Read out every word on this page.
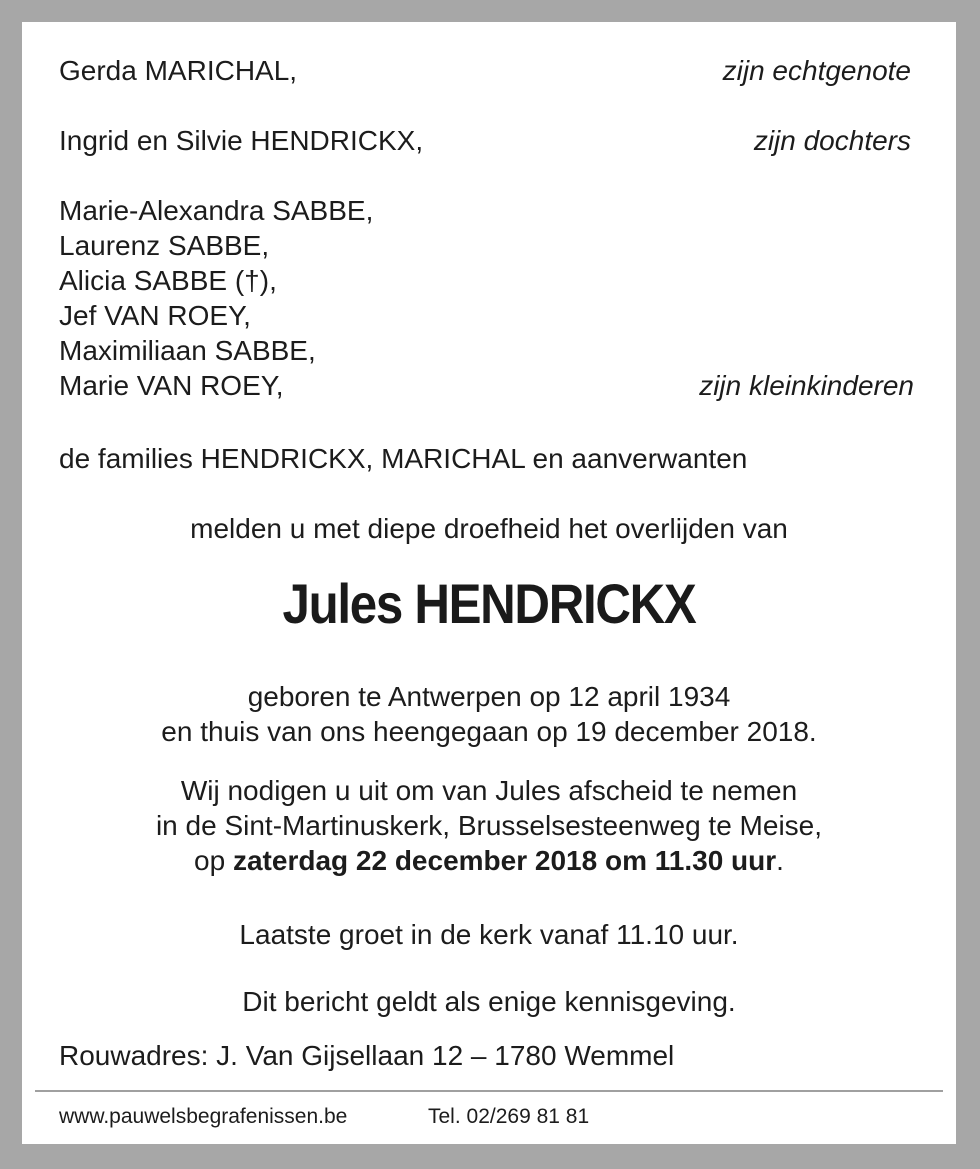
Gerda MARICHAL,	zijn echtgenote
Ingrid en Silvie HENDRICKX,	zijn dochters
Marie-Alexandra SABBE,
Laurenz SABBE,
Alicia SABBE (†),
Jef VAN ROEY,
Maximiliaan SABBE,
Marie VAN ROEY,	zijn kleinkinderen
de families HENDRICKX, MARICHAL en aanverwanten
melden u met diepe droefheid het overlijden van
Jules HENDRICKX
geboren te Antwerpen op 12 april 1934
en thuis van ons heengegaan op 19 december 2018.
Wij nodigen u uit om van Jules afscheid te nemen
in de Sint-Martinuskerk, Brusselsesteenweg te Meise,
op zaterdag 22 december 2018 om 11.30 uur.
Laatste groet in de kerk vanaf 11.10 uur.
Dit bericht geldt als enige kennisgeving.
Rouwadres: J. Van Gijsellaan 12 – 1780 Wemmel
www.pauwelsbegrafenissen.be	Tel. 02/269 81 81
